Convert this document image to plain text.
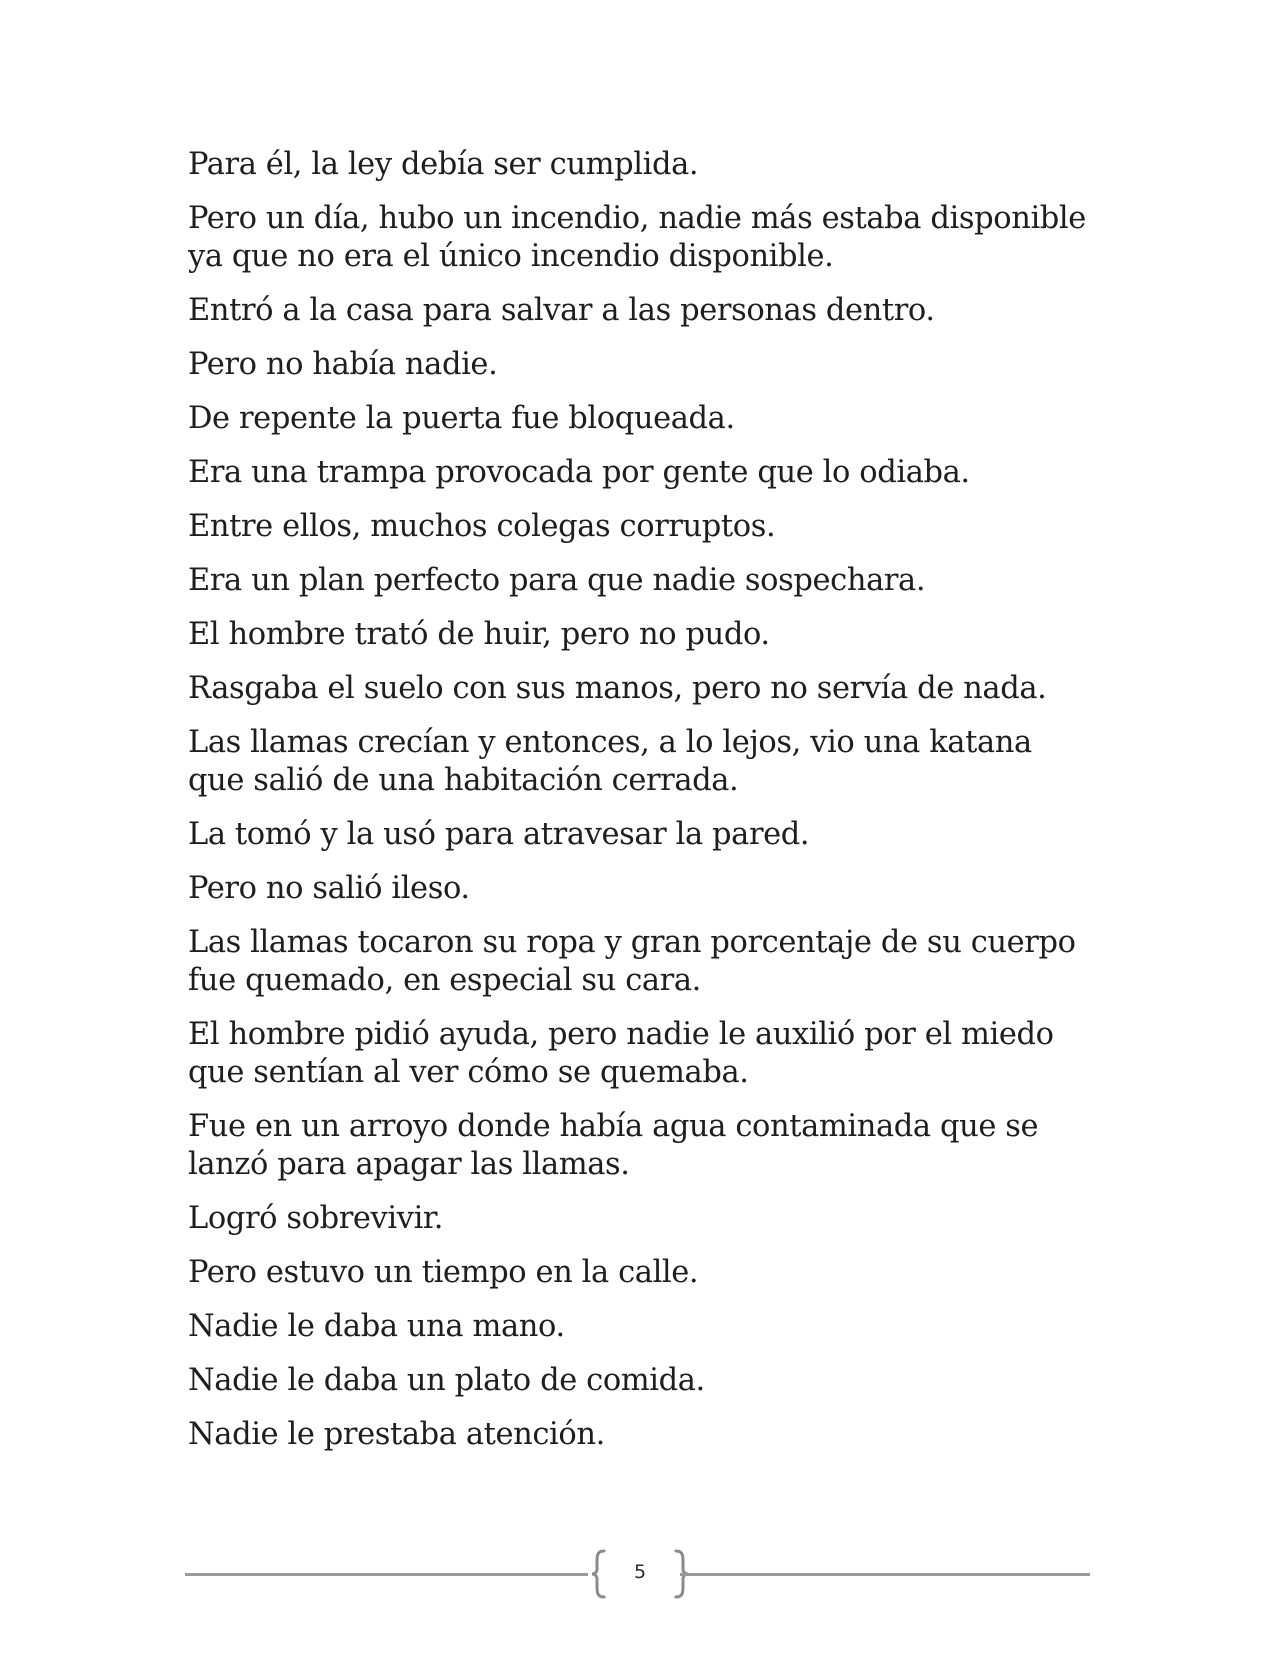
Para él, la ley debía ser cumplida.

Pero un día, hubo un incendio, nadie más estaba disponible ya que no era el único incendio disponible.

Entró a la casa para salvar a las personas dentro.

Pero no había nadie.

De repente la puerta fue bloqueada.

Era una trampa provocada por gente que lo odiaba.

Entre ellos, muchos colegas corruptos.

Era un plan perfecto para que nadie sospechara.

El hombre trató de huir, pero no pudo.

Rasgaba el suelo con sus manos, pero no servía de nada.

Las llamas crecían y entonces, a lo lejos, vio una katana que salió de una habitación cerrada.

La tomó y la usó para atravesar la pared.

Pero no salió ileso.

Las llamas tocaron su ropa y gran porcentaje de su cuerpo fue quemado, en especial su cara.

El hombre pidió ayuda, pero nadie le auxilió por el miedo que sentían al ver cómo se quemaba.

Fue en un arroyo donde había agua contaminada que se lanzó para apagar las llamas.

Logró sobrevivir.

Pero estuvo un tiempo en la calle.

Nadie le daba una mano.

Nadie le daba un plato de comida.

Nadie le prestaba atención.

5
